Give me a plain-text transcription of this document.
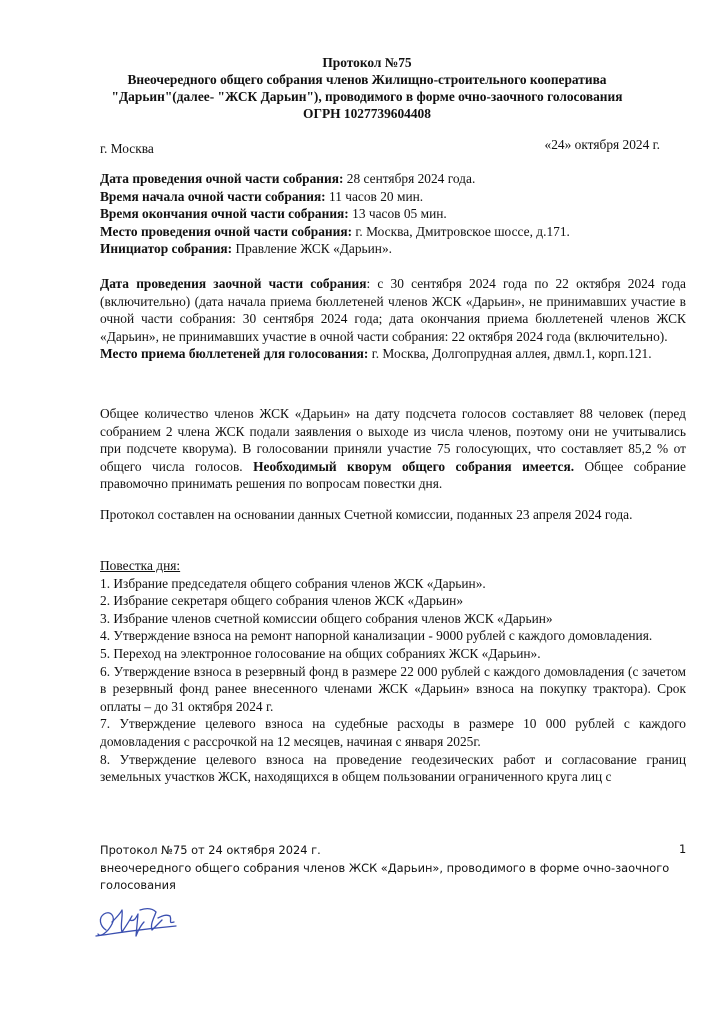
Протокол №75
Внеочередного общего собрания членов Жилищно-строительного кооператива
"Дарьин"(далее- "ЖСК Дарьин"), проводимого в форме очно-заочного голосования
ОГРН 1027739604408
г. Москва	«24» октября 2024 г.
Дата проведения очной части собрания: 28 сентября 2024 года.
Время начала очной части собрания: 11 часов 20 мин.
Время окончания очной части собрания: 13 часов 05 мин.
Место проведения очной части собрания: г. Москва, Дмитровское шоссе, д.171.
Инициатор собрания: Правление ЖСК «Дарьин».
Дата проведения заочной части собрания: с 30 сентября 2024 года по 22 октября 2024 года (включительно) (дата начала приема бюллетеней членов ЖСК «Дарьин», не принимавших участие в очной части собрания: 30 сентября 2024 года; дата окончания приема бюллетеней членов ЖСК «Дарьин», не принимавших участие в очной части собрания: 22 октября 2024 года (включительно).
Место приема бюллетеней для голосования: г. Москва, Долгопрудная аллея, двмл.1, корп.121.
Общее количество членов ЖСК «Дарьин» на дату подсчета голосов составляет 88 человек (перед собранием 2 члена ЖСК подали заявления о выходе из числа членов, поэтому они не учитывались при подсчете кворума). В голосовании приняли участие 75 голосующих, что составляет 85,2 % от общего числа голосов. Необходимый кворум общего собрания имеется. Общее собрание правомочно принимать решения по вопросам повестки дня.
Протокол составлен на основании данных Счетной комиссии, поданных 23 апреля 2024 года.
Повестка дня:
1. Избрание председателя общего собрания членов ЖСК «Дарьин».
2. Избрание секретаря общего собрания членов ЖСК «Дарьин»
3. Избрание членов счетной комиссии общего собрания членов ЖСК «Дарьин»
4. Утверждение взноса на ремонт напорной канализации - 9000 рублей с каждого домовладения.
5. Переход на электронное голосование на общих собраниях ЖСК «Дарьин».
6. Утверждение взноса в резервный фонд в размере 22 000 рублей с каждого домовладения (с зачетом в резервный фонд ранее внесенного членами ЖСК «Дарьин» взноса на покупку трактора). Срок оплаты – до 31 октября 2024 г.
7. Утверждение целевого взноса на судебные расходы в размере 10 000 рублей с каждого домовладения с рассрочкой на 12 месяцев, начиная с января 2025г.
8. Утверждение целевого взноса на проведение геодезических работ и согласование границ земельных участков ЖСК, находящихся в общем пользовании ограниченного круга лиц с
Протокол №75 от 24 октября 2024 г.
внеочередного общего собрания членов ЖСК «Дарьин», проводимого в форме очно-заочного голосования
1
